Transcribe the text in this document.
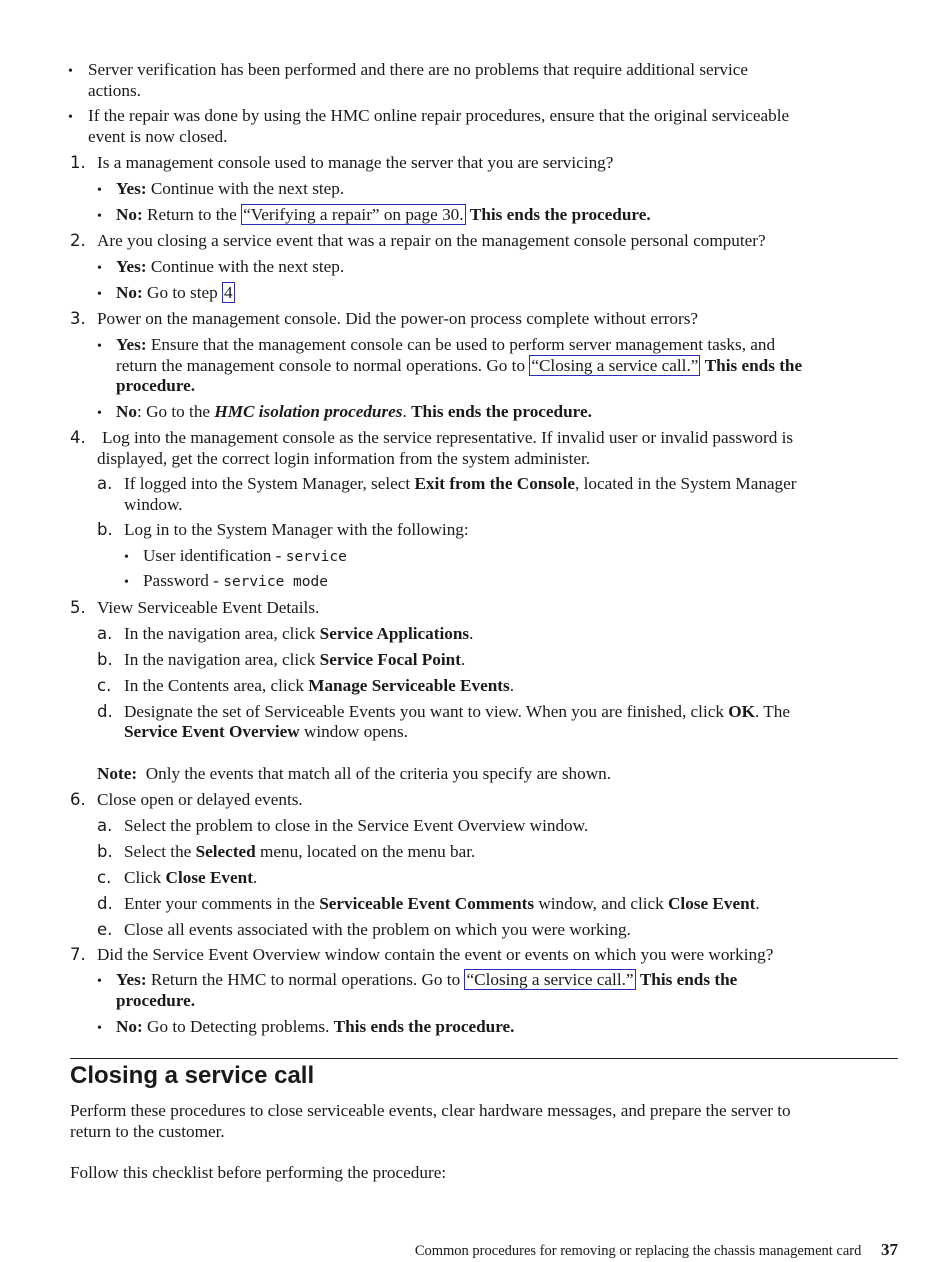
• Server verification has been performed and there are no problems that require additional service
actions.
• If the repair was done by using the HMC online repair procedures, ensure that the original serviceable
event is now closed.
1. Is a management console used to manage the server that you are servicing?
• Yes: Continue with the next step.
• No: Return to the “Verifying a repair” on page 30. This ends the procedure.
2. Are you closing a service event that was a repair on the management console personal computer?
• Yes: Continue with the next step.
• No: Go to step 4
3. Power on the management console. Did the power-on process complete without errors?
• Yes: Ensure that the management console can be used to perform server management tasks, and
return the management console to normal operations. Go to “Closing a service call.” This ends the
procedure.
• No: Go to the HMC isolation procedures. This ends the procedure.
4. Log into the management console as the service representative. If invalid user or invalid password is
displayed, get the correct login information from the system administer.
a. If logged into the System Manager, select Exit from the Console, located in the System Manager
window.
b. Log in to the System Manager with the following:
• User identification - service
• Password - service mode
5. View Serviceable Event Details.
a. In the navigation area, click Service Applications.
b. In the navigation area, click Service Focal Point.
c. In the Contents area, click Manage Serviceable Events.
d. Designate the set of Serviceable Events you want to view. When you are finished, click OK. The
Service Event Overview window opens.
Note: Only the events that match all of the criteria you specify are shown.
6. Close open or delayed events.
a. Select the problem to close in the Service Event Overview window.
b. Select the Selected menu, located on the menu bar.
c. Click Close Event.
d. Enter your comments in the Serviceable Event Comments window, and click Close Event.
e. Close all events associated with the problem on which you were working.
7. Did the Service Event Overview window contain the event or events on which you were working?
• Yes: Return the HMC to normal operations. Go to “Closing a service call.” This ends the
procedure.
• No: Go to Detecting problems. This ends the procedure.
Closing a service call
Perform these procedures to close serviceable events, clear hardware messages, and prepare the server to
return to the customer.
Follow this checklist before performing the procedure:
Common procedures for removing or replacing the chassis management card 37
